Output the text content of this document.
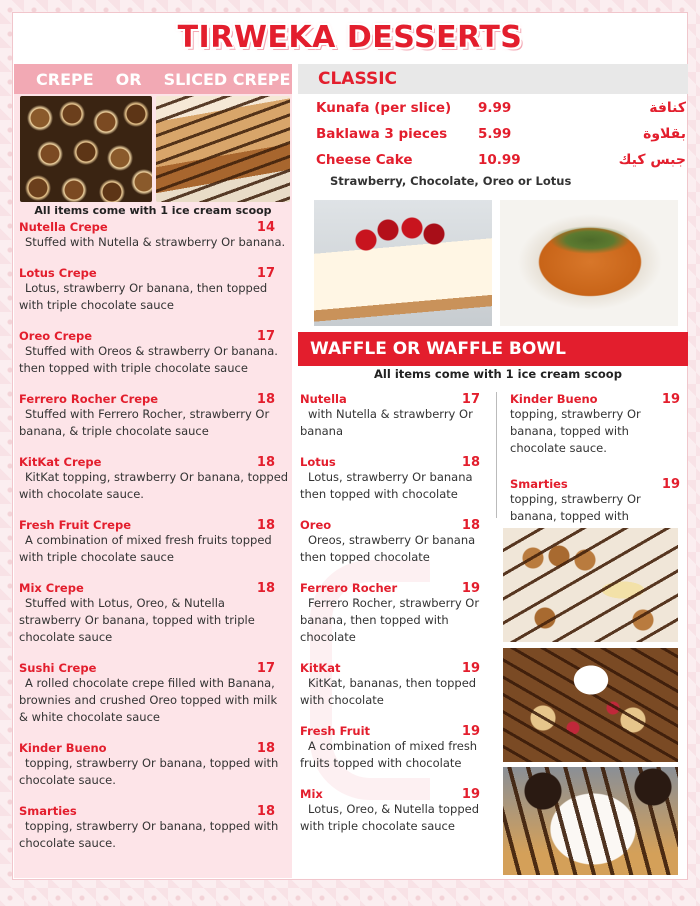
TIRWEKA DESSERTS
CREPE OR SLICED CREPE
All items come with 1 ice cream scoop
Nutella Crepe	14
Stuffed with Nutella & strawberry Or banana.
Lotus Crepe	17
Lotus, strawberry Or banana, then topped with triple chocolate sauce
Oreo Crepe	17
Stuffed with Oreos & strawberry Or banana. then topped with triple chocolate sauce
Ferrero Rocher Crepe	18
Stuffed with Ferrero Rocher, strawberry Or banana, & triple chocolate sauce
KitKat Crepe	18
KitKat topping, strawberry Or banana, topped with chocolate sauce.
Fresh Fruit Crepe	18
A combination of mixed fresh fruits topped with triple chocolate sauce
Mix Crepe	18
Stuffed with Lotus, Oreo, & Nutella strawberry Or banana, topped with triple chocolate sauce
Sushi Crepe	17
A rolled chocolate crepe filled with Banana, brownies and crushed Oreo topped with milk & white chocolate sauce
Kinder Bueno	18
topping, strawberry Or banana, topped with chocolate sauce.
Smarties	18
topping, strawberry Or banana, topped with chocolate sauce.
CLASSIC
Kunafa (per slice) 9.99	كنافة
Baklawa 3 pieces 5.99	بقلاوة
Cheese Cake	10.99	جبس كيك
Strawberry, Chocolate, Oreo or Lotus
WAFFLE OR WAFFLE BOWL
All items come with 1 ice cream scoop
Nutella	17
with Nutella & strawberry Or banana
Lotus	18
Lotus, strawberry Or banana then topped with chocolate
Oreo	18
Oreos, strawberry Or banana then topped chocolate
Ferrero Rocher	19
Ferrero Rocher, strawberry Or banana, then topped with chocolate
KitKat	19
KitKat, bananas, then topped with chocolate
Fresh Fruit	19
A combination of mixed fresh fruits topped with chocolate
Mix	19
Lotus, Oreo, & Nutella topped with triple chocolate sauce
Kinder Bueno	19
topping, strawberry Or banana, topped with chocolate sauce.
Smarties	19
topping, strawberry Or banana, topped with
